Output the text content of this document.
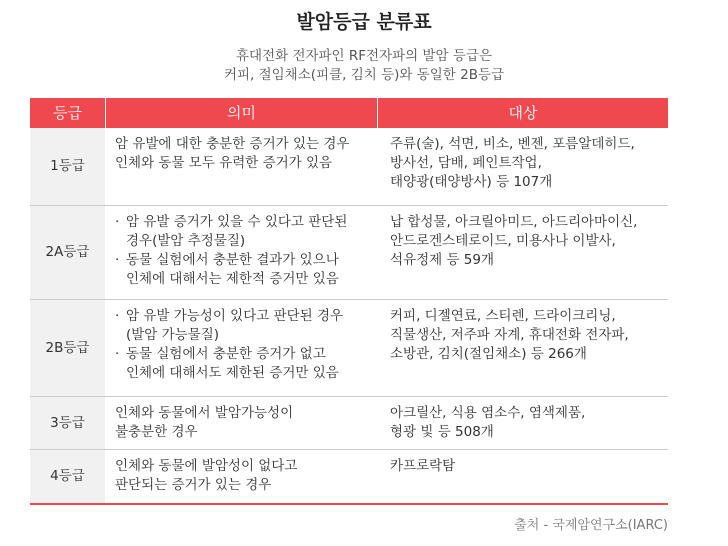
발암등급 분류표
휴대전화 전자파인 RF전자파의 발암 등급은
커피, 절임채소(피클, 김치 등)와 동일한 2B등급
등급	의미	대상
1등급
암 유발에 대한 충분한 증거가 있는 경우
인체와 동물 모두 유력한 증거가 있음
주류(술), 석면, 비소, 벤젠, 포름알데히드,
방사선, 담배, 페인트작업,
태양광(태양방사) 등 107개
2A등급
· 암 유발 증거가 있을 수 있다고 판단된
경우(발암 추정물질)
· 동물 실험에서 충분한 결과가 있으나
인체에 대해서는 제한적 증거만 있음
납 합성물, 아크릴아미드, 아드리아마이신,
안드로겐스테로이드, 미용사나 이발사,
석유정제 등 59개
2B등급
· 암 유발 가능성이 있다고 판단된 경우
(발암 가능물질)
· 동물 실험에서 충분한 증거가 없고
인체에 대해서도 제한된 증거만 있음
커피, 디젤연료, 스티렌, 드라이크리닝,
직물생산, 저주파 자계, 휴대전화 전자파,
소방관, 김치(절임채소) 등 266개
3등급
인체와 동물에서 발암가능성이
불충분한 경우
아크릴산, 식용 염소수, 염색제품,
형광 빛 등 508개
4등급
인체와 동물에 발암성이 없다고
판단되는 증거가 있는 경우
카프로락탐
출처 - 국제암연구소(IARC)
